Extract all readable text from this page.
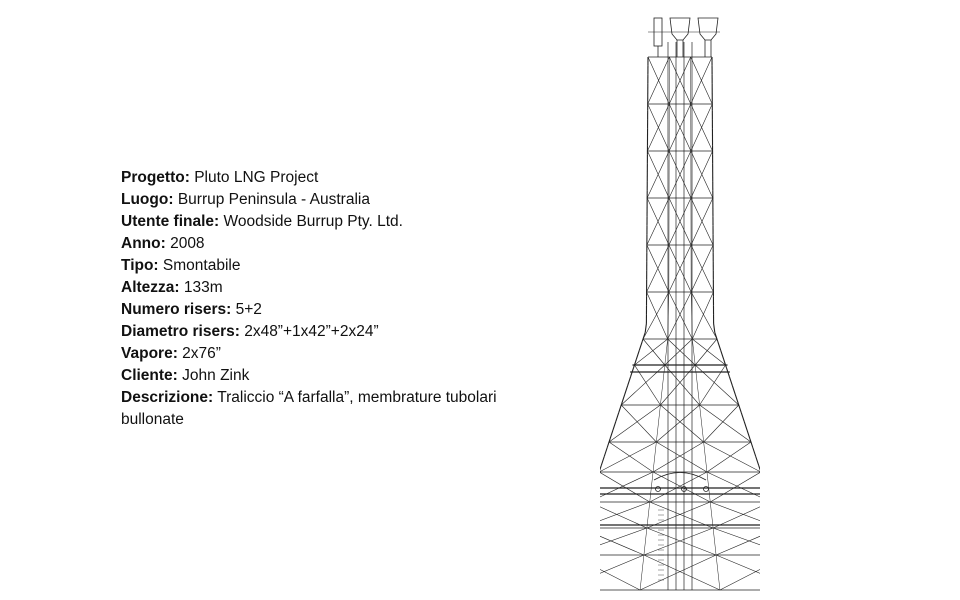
Progetto: Pluto LNG Project

Luogo: Burrup Peninsula - Australia

Utente finale: Woodside Burrup Pty. Ltd.

Anno: 2008

Tipo: Smontabile

Altezza: 133m

Numero risers: 5+2

Diametro risers: 2x48”+1x42”+2x24”

Vapore: 2x76”

Cliente: John Zink

Descrizione: Traliccio “A farfalla”, membrature tubolari bullonate
